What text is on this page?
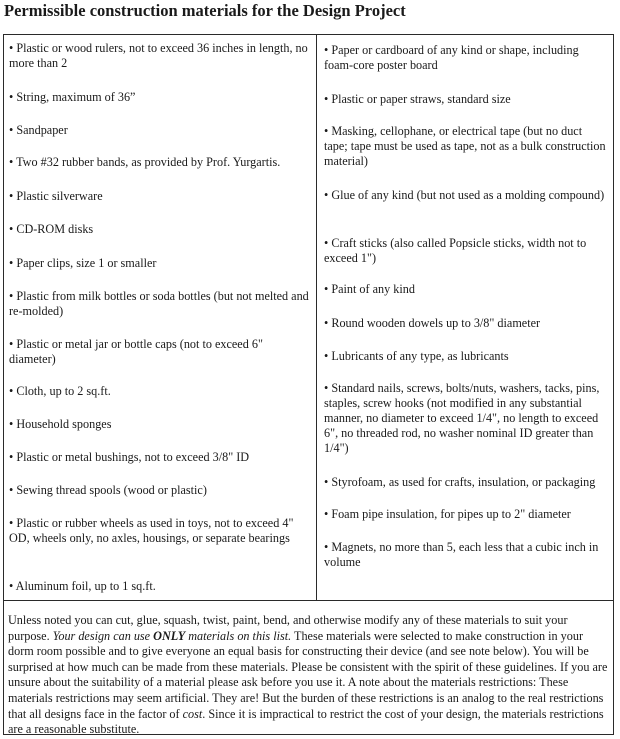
Permissible construction materials for the Design Project

• Plastic or wood rulers, not to exceed 36 inches in length, no more than 2

• String, maximum of 36”

• Sandpaper

• Two #32 rubber bands, as provided by Prof. Yurgartis.

• Plastic silverware

• CD-ROM disks

• Paper clips, size 1 or smaller

• Plastic from milk bottles or soda bottles (but not melted and re-molded)

• Plastic or metal jar or bottle caps (not to exceed 6" diameter)

• Cloth, up to 2 sq.ft.

• Household sponges

• Plastic or metal bushings, not to exceed 3/8" ID

• Sewing thread spools (wood or plastic)

• Plastic or rubber wheels as used in toys, not to exceed 4" OD, wheels only, no axles, housings, or separate bearings

• Aluminum foil, up to 1 sq.ft.

• Paper or cardboard of any kind or shape, including foam-core poster board

• Plastic or paper straws, standard size

• Masking, cellophane, or electrical tape (but no duct tape; tape must be used as tape, not as a bulk construction material)

• Glue of any kind (but not used as a molding compound)

• Craft sticks (also called Popsicle sticks, width not to exceed 1")

• Paint of any kind

• Round wooden dowels up to 3/8" diameter

• Lubricants of any type, as lubricants

• Standard nails, screws, bolts/nuts, washers, tacks, pins, staples, screw hooks (not modified in any substantial manner, no diameter to exceed 1/4", no length to exceed 6", no threaded rod, no washer nominal ID greater than 1/4")

• Styrofoam, as used for crafts, insulation, or packaging

• Foam pipe insulation, for pipes up to 2" diameter

• Magnets, no more than 5, each less that a cubic inch in volume

Unless noted you can cut, glue, squash, twist, paint, bend, and otherwise modify any of these materials to suit your purpose. Your design can use ONLY materials on this list. These materials were selected to make construction in your dorm room possible and to give everyone an equal basis for constructing their device (and see note below). You will be surprised at how much can be made from these materials. Please be consistent with the spirit of these guidelines. If you are unsure about the suitability of a material please ask before you use it. A note about the materials restrictions: These materials restrictions may seem artificial. They are! But the burden of these restrictions is an analog to the real restrictions that all designs face in the factor of cost. Since it is impractical to restrict the cost of your design, the materials restrictions are a reasonable substitute.
